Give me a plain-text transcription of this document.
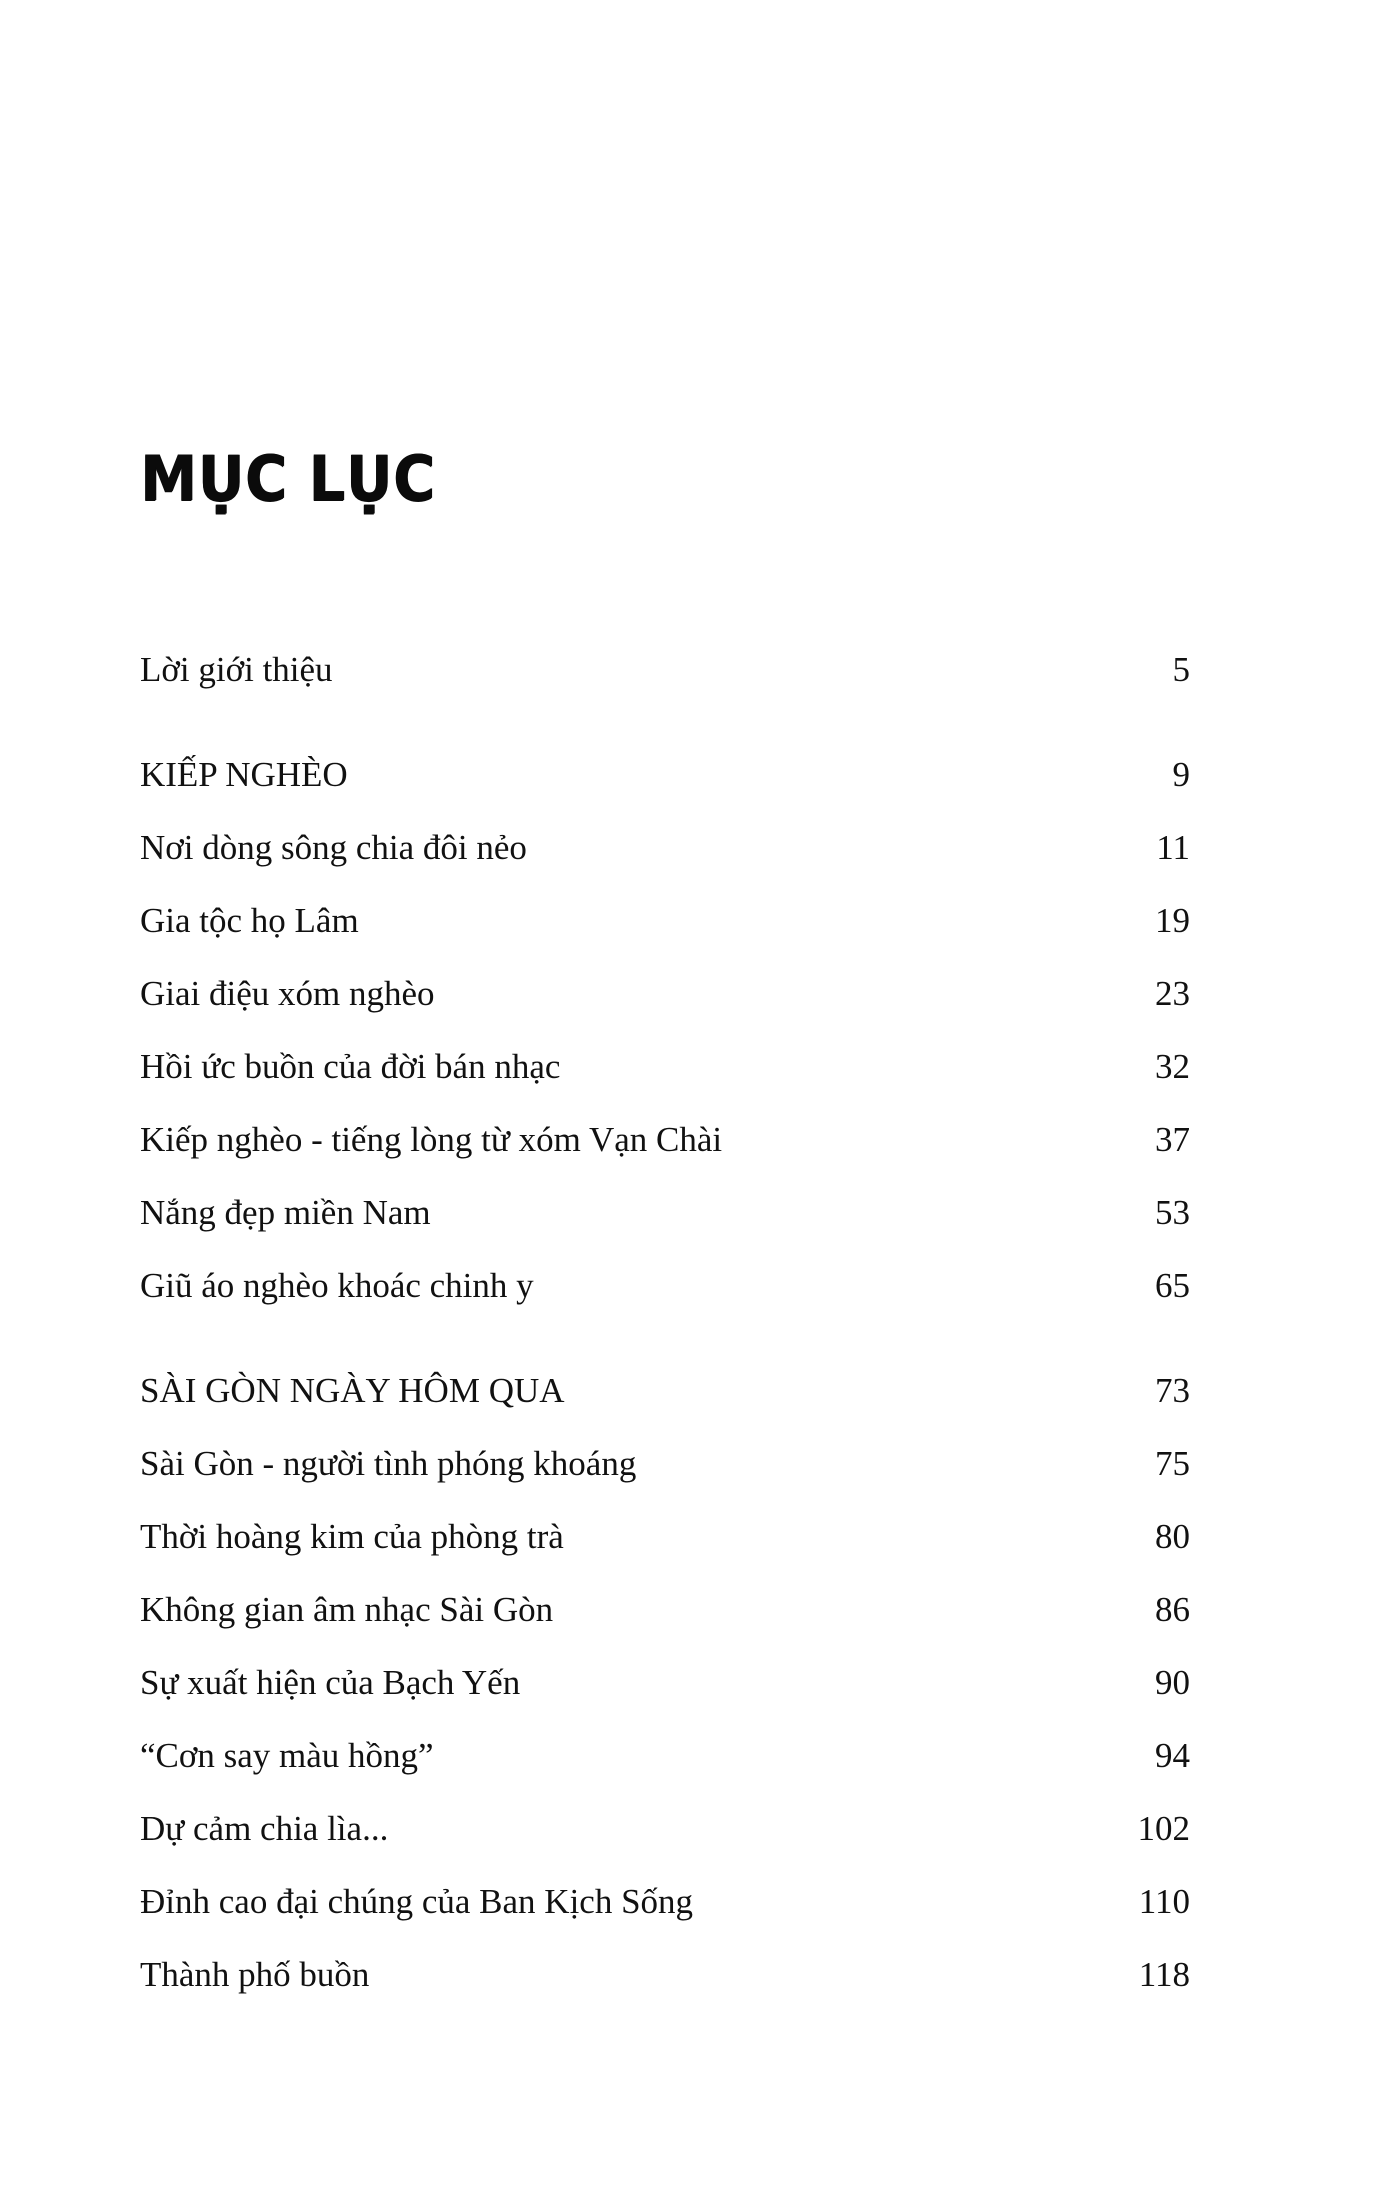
MỤC LỤC
Lời giới thiệu	5
KIẾP NGHÈO	9
Nơi dòng sông chia đôi nẻo	11
Gia tộc họ Lâm	19
Giai điệu xóm nghèo	23
Hồi ức buồn của đời bán nhạc	32
Kiếp nghèo - tiếng lòng từ xóm Vạn Chài	37
Nắng đẹp miền Nam	53
Giũ áo nghèo khoác chinh y	65
SÀI GÒN NGÀY HÔM QUA	73
Sài Gòn - người tình phóng khoáng	75
Thời hoàng kim của phòng trà	80
Không gian âm nhạc Sài Gòn	86
Sự xuất hiện của Bạch Yến	90
“Cơn say màu hồng”	94
Dự cảm chia lìa...	102
Đỉnh cao đại chúng của Ban Kịch Sống	110
Thành phố buồn	118
